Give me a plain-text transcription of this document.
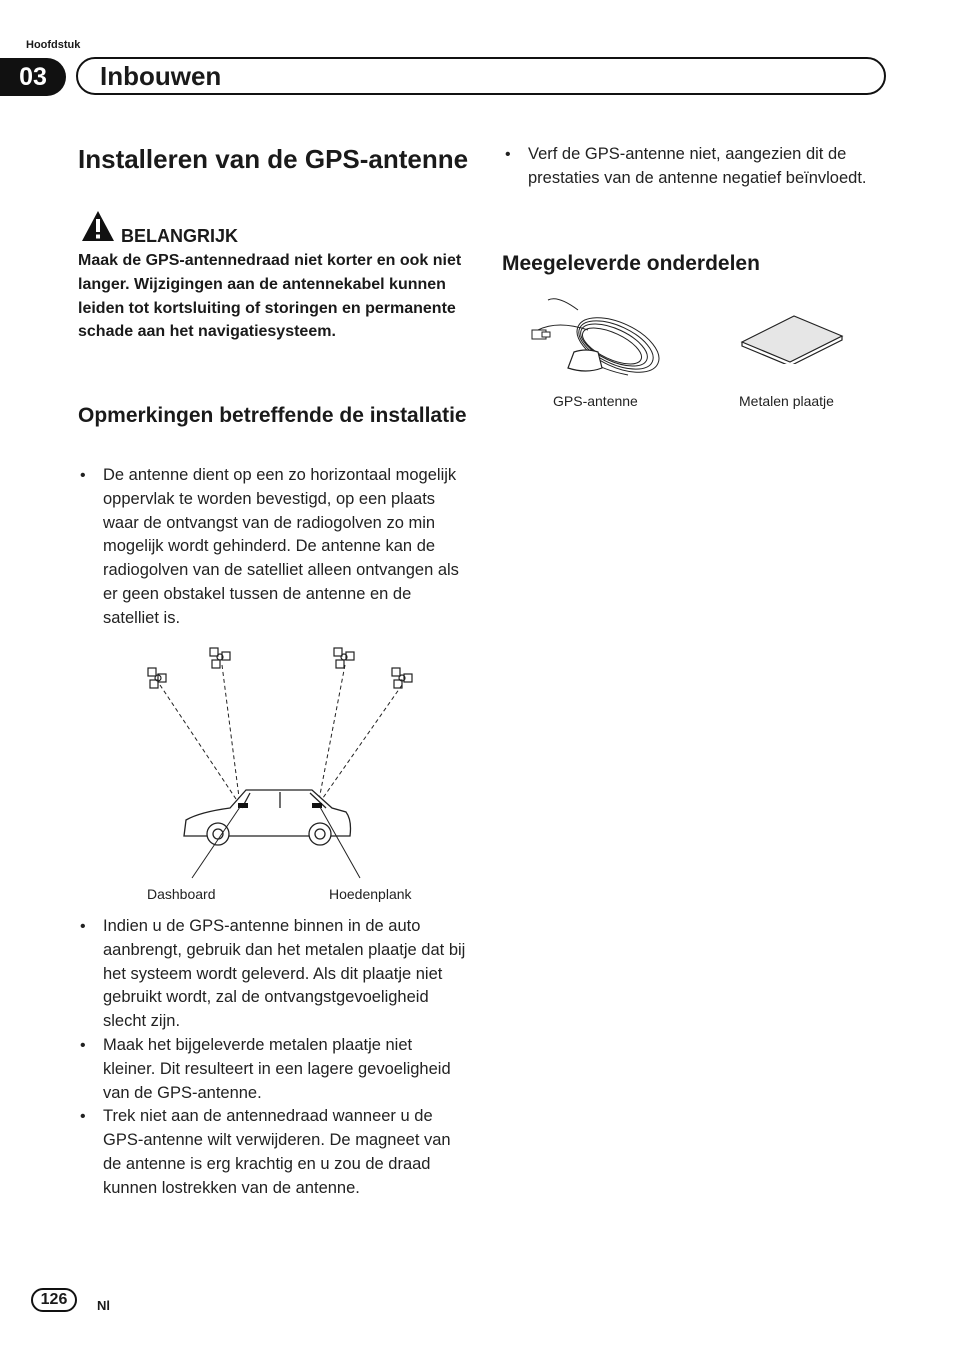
Hoofdstuk
03	Inbouwen
Installeren van de GPS-antenne
BELANGRIJK
Maak de GPS-antennedraad niet korter en ook niet langer. Wijzigingen aan de antennekabel kunnen leiden tot kortsluiting of storingen en permanente schade aan het navigatiesysteem.
Opmerkingen betreffende de installatie
• De antenne dient op een zo horizontaal mogelijk oppervlak te worden bevestigd, op een plaats waar de ontvangst van de radiogolven zo min mogelijk wordt gehinderd. De antenne kan de radiogolven van de satelliet alleen ontvangen als er geen obstakel tussen de antenne en de satelliet is.
Dashboard	Hoedenplank
• Indien u de GPS-antenne binnen in de auto aanbrengt, gebruik dan het metalen plaatje dat bij het systeem wordt geleverd. Als dit plaatje niet gebruikt wordt, zal de ontvangstgevoeligheid slecht zijn.
• Maak het bijgeleverde metalen plaatje niet kleiner. Dit resulteert in een lagere gevoeligheid van de GPS-antenne.
• Trek niet aan de antennedraad wanneer u de GPS-antenne wilt verwijderen. De magneet van de antenne is erg krachtig en u zou de draad kunnen lostrekken van de antenne.
• Verf de GPS-antenne niet, aangezien dit de prestaties van de antenne negatief beïnvloedt.
Meegeleverde onderdelen
GPS-antenne	Metalen plaatje
126	Nl
